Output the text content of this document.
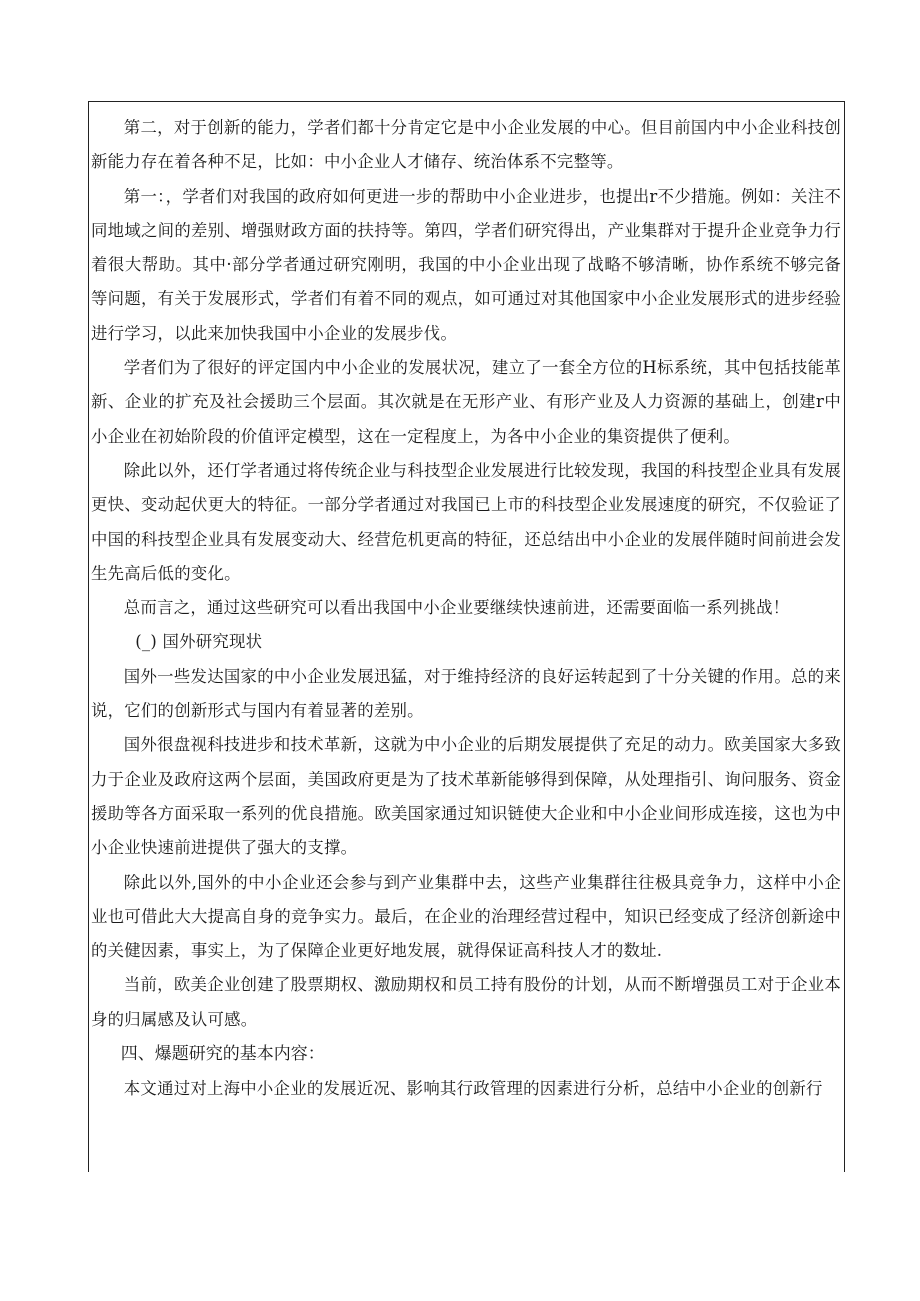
第二，对于创新的能力，学者们都十分肯定它是中小企业发展的中心。但目前国内中小企业科技创新能力存在着各种不足，比如：中小企业人才储存、统治体系不完整等。

第一：，学者们对我国的政府如何更进一步的帮助中小企业进步，也提出r不少措施。例如：关注不同地域之间的差别、增强财政方面的扶持等。第四，学者们研究得出，产业集群对于提升企业竞争力行着很大帮助。其中·部分学者通过研究刚明，我国的中小企业出现了战略不够清晰，协作系统不够完备等问题，有关于发展形式，学者们有着不同的观点，如可通过对其他国家中小企业发展形式的进步经验进行学习，以此来加快我国中小企业的发展步伐。

学者们为了很好的评定国内中小企业的发展状况，建立了一套全方位的H标系统，其中包括技能革新、企业的扩充及社会援助三个层面。其次就是在无形产业、有形产业及人力资源的基础上，创建r中小企业在初始阶段的价值评定模型，这在一定程度上，为各中小企业的集资提供了便利。

除此以外，还仃学者通过将传统企业与科技型企业发展进行比较发现，我国的科技型企业具有发展更快、变动起伏更大的特征。一部分学者通过对我国已上市的科技型企业发展速度的研究，不仅验证了中国的科技型企业具有发展变动大、经营危机更高的特征，还总结出中小企业的发展伴随时间前进会发生先高后低的变化。

总而言之，通过这些研究可以看出我国中小企业要继续快速前进，还需要面临一系列挑战！

(_) 国外研究现状

国外一些发达国家的中小企业发展迅猛，对于维持经济的良好运转起到了十分关键的作用。总的来说，它们的创新形式与国内有着显著的差别。

国外很盘视科技进步和技术革新，这就为中小企业的后期发展提供了充足的动力。欧美国家大多致力于企业及政府这两个层面，美国政府更是为了技术革新能够得到保障，从处理指引、询问服务、资金援助等各方面采取一系列的优良措施。欧美国家通过知识链使大企业和中小企业间形成连接，这也为中小企业快速前进提供了强大的支撑。

除此以外,国外的中小企业还会参与到产业集群中去，这些产业集群往往极具竞争力，这样中小企业也可借此大大提高自身的竞争实力。最后，在企业的治理经营过程中，知识已经变成了经济创新途中的关健因素，事实上，为了保障企业更好地发展，就得保证高科技人才的数址.

当前，欧美企业创建了股票期权、激励期权和员工持有股份的计划，从而不断增强员工对于企业本身的归属感及认可感。

四、爆题研究的基本内容：

本文通过对上海中小企业的发展近况、影响其行政管理的因素进行分析，总结中小企业的创新行
